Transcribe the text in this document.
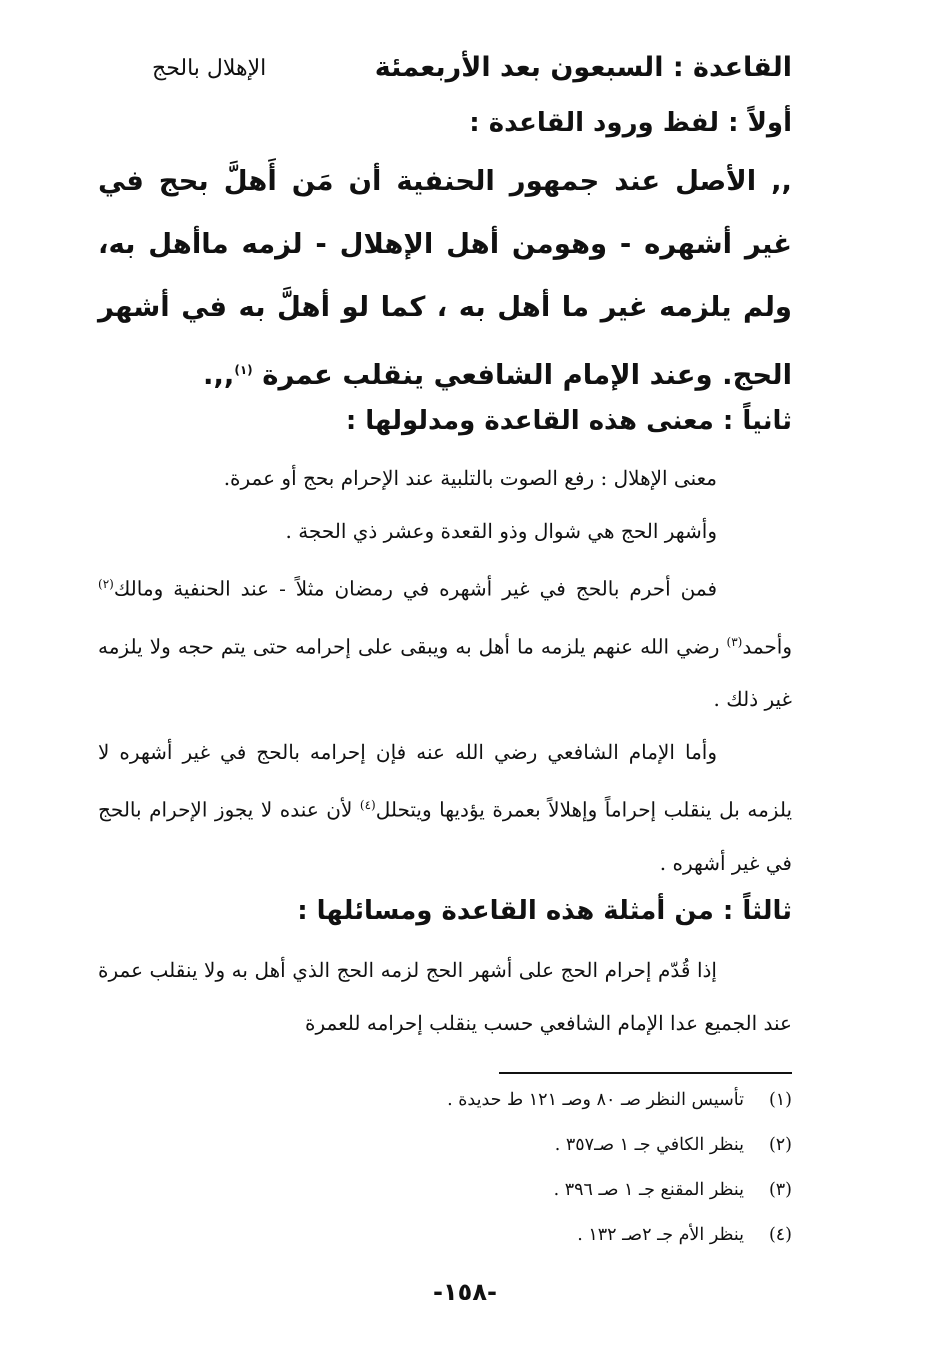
القاعدة : السبعون بعد الأربعمئة
الإهلال بالحج
أولاً : لفظ ورود القاعدة :
,, الأصل عند جمهور الحنفية أن مَن أَهلَّ بحج في غير أشهره - وهومن أهل الإهلال - لزمه ماأهل به، ولم يلزمه غير ما أهل به ، كما لو أهلَّ به في أشهر الحج. وعند الإمام الشافعي ينقلب عمرة $^{(١)}$,,.
ثانياً : معنى هذه القاعدة ومدلولها :

معنى الإهلال : رفع الصوت بالتلبية عند الإحرام بحج أو عمرة.

وأشهر الحج هي شوال وذو القعدة وعشر ذي الحجة .

فمن أحرم بالحج في غير أشهره في رمضان مثلاً - عند الحنفية ومالك$^{(٢)}$ وأحمد$^{(٣)}$ رضي الله عنهم يلزمه ما أهل به ويبقى على إحرامه حتى يتم حجه ولا يلزمه غير ذلك .

وأما الإمام الشافعي رضي الله عنه فإن إحرامه بالحج في غير أشهره لا يلزمه بل ينقلب إحراماً وإهلالاً بعمرة يؤديها ويتحلل$^{(٤)}$ لأن عنده لا يجوز الإحرام بالحج في غير أشهره .

ثالثاً : من أمثلة هذه القاعدة ومسائلها :

إذا قُدّم إحرام الحج على أشهر الحج لزمه الحج الذي أهل به ولا ينقلب عمرة عند الجميع عدا الإمام الشافعي حسب ينقلب إحرامه للعمرة

(١)تأسيس النظر صـ ٨٠ وصـ ١٢١ ط حديدة .
(٢)ينظر الكافي جـ ١ صـ٣٥٧ .
(٣)ينظر المقنع جـ ١ صـ ٣٩٦ .
(٤)ينظر الأم جـ ٢صـ ١٣٢ .
-١٥٨-
